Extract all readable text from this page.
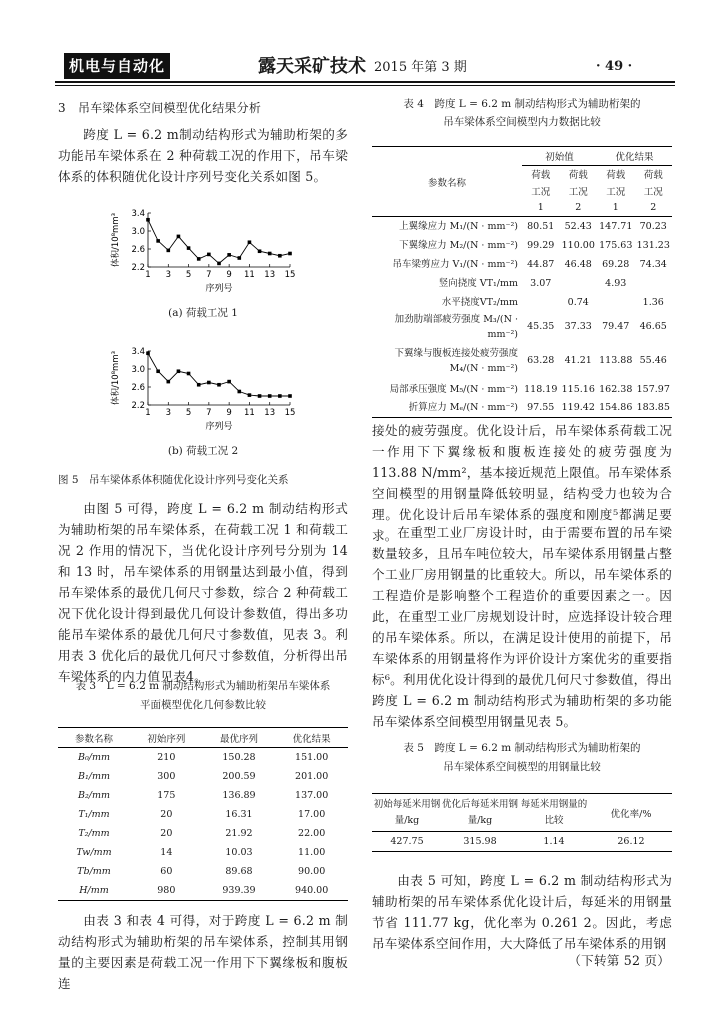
机电与自动化	露天采矿技术 2015 年第 3 期	· 49 ·
3　吊车梁体系空间模型优化结果分析
跨度 L = 6.2 m制动结构形式为辅助桁架的多功能吊车梁体系在 2 种荷载工况的作用下，吊车梁体系的体积随优化设计序列号变化关系如图 5。
2.2
2.6
3.0
3.4
1 3 5 7 9 11 13 15
序列号
体积/10⁸mm³
(a) 荷载工况 1
2.2
2.6
3.0
3.4
1 3 5 7 9 11 13 15
序列号
体积/10⁸mm³
(b) 荷载工况 2
图 5　吊车梁体系体积随优化设计序列号变化关系
由图 5 可得，跨度 L = 6.2 m 制动结构形式为辅助桁架的吊车梁体系，在荷载工况 1 和荷载工况 2 作用的情况下，当优化设计序列号分别为 14 和 13 时，吊车梁体系的用钢量达到最小值，得到吊车梁体系的最优几何尺寸参数，综合 2 种荷载工况下优化设计得到最优几何设计参数值，得出多功能吊车梁体系的最优几何尺寸参数值，见表 3。利用表 3 优化后的最优几何尺寸参数值，分析得出吊车梁体系的内力值见表4。
表 3　L = 6.2 m 制动结构形式为辅助桁架吊车梁体系
平面模型优化几何参数比较
参数名称	初始序列	最优序列	优化结果
B₀/mm	210	150.28	151.00
B₁/mm	300	200.59	201.00
B₂/mm	175	136.89	137.00
T₁/mm	20	16.31	17.00
T₂/mm	20	21.92	22.00
Tw/mm	14	10.03	11.00
Tb/mm	60	89.68	90.00
H/mm	980	939.39	940.00
由表 3 和表 4 可得，对于跨度 L = 6.2 m 制动结构形式为辅助桁架的吊车梁体系，控制其用钢量的主要因素是荷载工况一作用下下翼缘板和腹板连
表 4　跨度 L = 6.2 m 制动结构形式为辅助桁架的
吊车梁体系空间模型内力数据比较
参数名称	初始值		优化结果	
	荷载	荷载	荷载	荷载
	工况	工况	工况	工况
	1	2	1	2
上翼缘应力 M₁/(N · mm⁻²)	80.51	52.43	147.71	70.23
下翼缘应力 M₂/(N · mm⁻²)	99.29	110.00	175.63	131.23
吊车梁剪应力 V₁/(N · mm⁻²)	44.87	46.48	69.28	74.34
竖向挠度 VT₁/mm	3.07		4.93	
水平挠度VT₂/mm		0.74		1.36
加劲肋端部疲劳强度 M₃/(N · mm⁻²)	45.35	37.33	79.47	46.65
下翼缘与腹板连接处疲劳强度 M₄/(N · mm⁻²)	63.28	41.21	113.88	55.46
局部承压强度 M₅/(N · mm⁻²)	118.19	115.16	162.38	157.97
折算应力 Mₑ/(N · mm⁻²)	97.55	119.42	154.86	183.85
接处的疲劳强度。优化设计后，吊车梁体系荷载工况一作用下下翼缘板和腹板连接处的疲劳强度为 113.88 N/mm²，基本接近规范上限值。吊车梁体系空间模型的用钢量降低较明显，结构受力也较为合理。优化设计后吊车梁体系的强度和刚度⁵都满足要求。 在重型工业厂房设计时，由于需要布置的吊车梁数量较多，且吊车吨位较大，吊车梁体系用钢量占整个工业厂房用钢量的比重较大。所以，吊车梁体系的工程造价是影响整个工程造价的重要因素之一。因此，在重型工业厂房规划设计时，应选择设计较合理的吊车梁体系。所以，在满足设计使用的前提下，吊车梁体系的用钢量将作为评价设计方案优劣的重要指标⁶。利用优化设计得到的最优几何尺寸参数值，得出跨度 L = 6.2 m 制动结构形式为辅助桁架的多功能吊车梁体系空间模型用钢量见表 5。
表 5　跨度 L = 6.2 m 制动结构形式为辅助桁架的
吊车梁体系空间模型的用钢量比较
初始每延米用钢量/kg	优化后每延米用钢量/kg	每延米用钢量的比较	优化率/%
427.75	315.98	1.14	26.12
由表 5 可知，跨度 L = 6.2 m 制动结构形式为辅助桁架的吊车梁体系优化设计后，每延米的用钢量节省 111.77 kg，优化率为 0.261 2。因此，考虑吊车梁体系空间作用，大大降低了吊车梁体系的用钢
（下转第 52 页）
